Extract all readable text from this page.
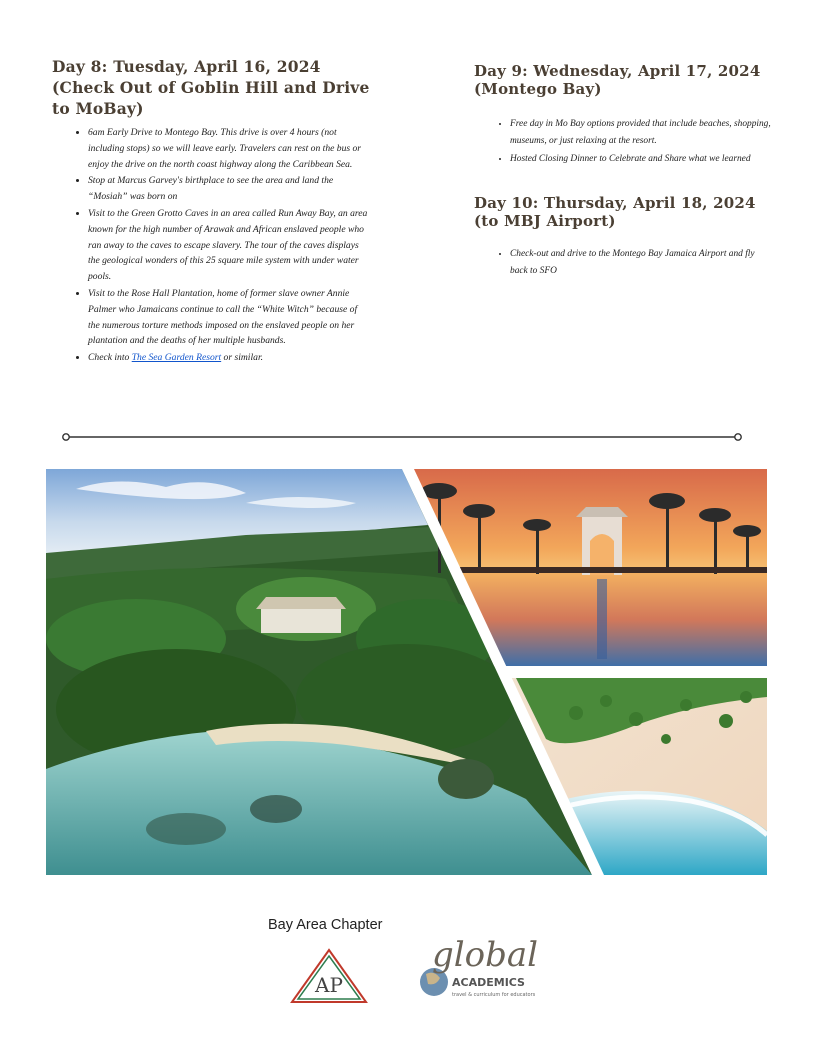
Day 8: Tuesday, April 16, 2024 (Check Out of Goblin Hill and Drive to MoBay)
• 6am Early Drive to Montego Bay. This drive is over 4 hours (not including stops) so we will leave early. Travelers can rest on the bus or enjoy the drive on the north coast highway along the Caribbean Sea.
• Stop at Marcus Garvey's birthplace to see the area and land the “Mosiah” was born on
• Visit to the Green Grotto Caves in an area called Run Away Bay, an area known for the high number of Arawak and African enslaved people who ran away to the caves to escape slavery. The tour of the caves displays the geological wonders of this 25 square mile system with under water pools.
• Visit to the Rose Hall Plantation, home of former slave owner Annie Palmer who Jamaicans continue to call the “White Witch” because of the numerous torture methods imposed on the enslaved people on her plantation and the deaths of her multiple husbands.
• Check into The Sea Garden Resort or similar.
Day 9: Wednesday, April 17, 2024 (Montego Bay)
• Free day in Mo Bay options provided that include beaches, shopping, museums, or just relaxing at the resort.
• Hosted Closing Dinner to Celebrate and Share what we learned
Day 10: Thursday, April 18, 2024 (to MBJ Airport)
• Check-out and drive to the Montego Bay Jamaica Airport and fly back to SFO
Bay Area Chapter
AP
global
ACADEMICS
travel & curriculum for educators
